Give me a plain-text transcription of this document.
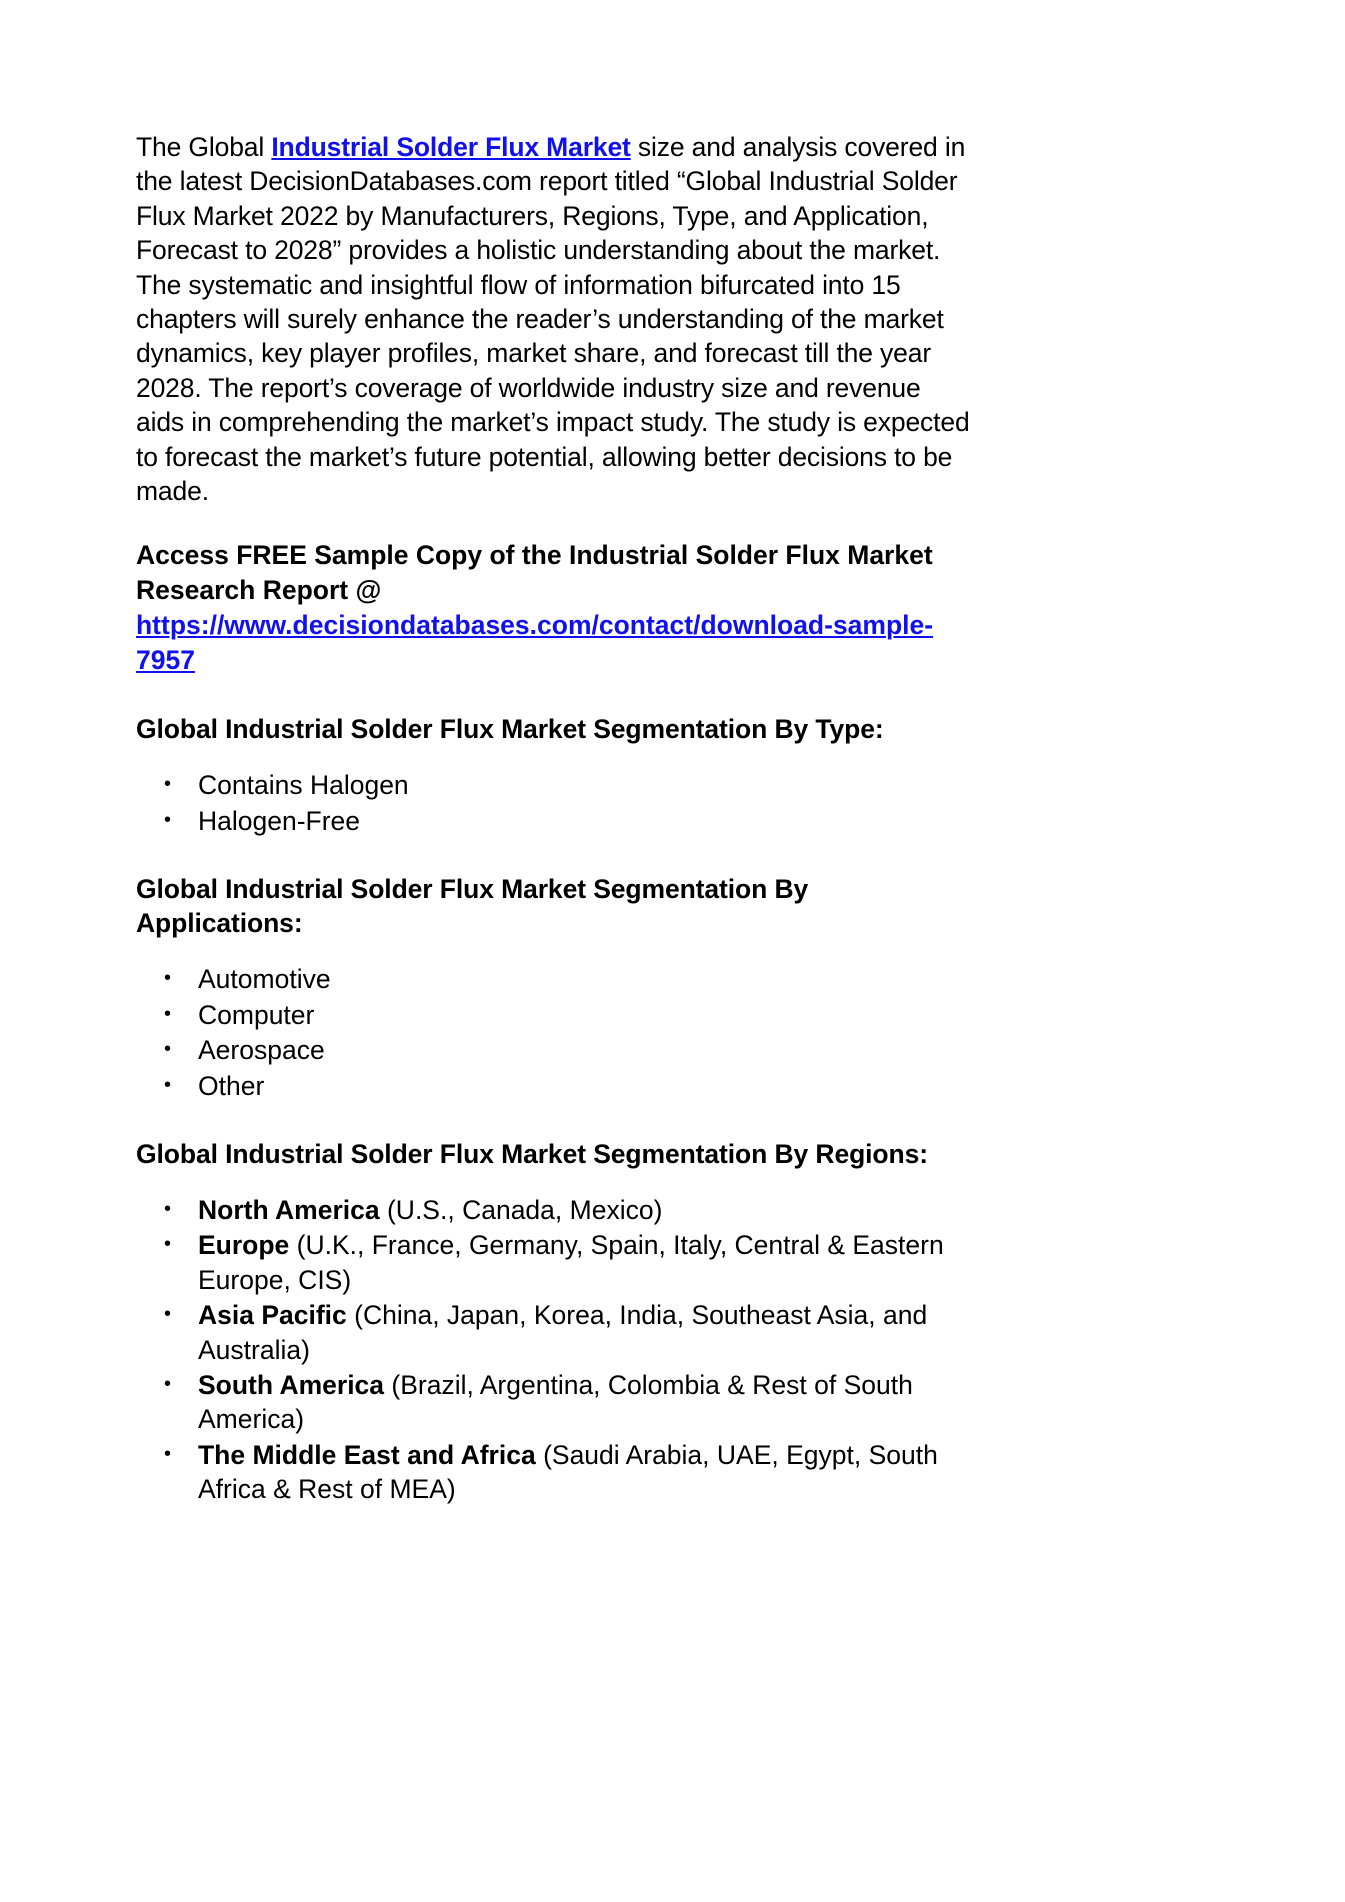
The Global Industrial Solder Flux Market size and analysis covered in the latest DecisionDatabases.com report titled “Global Industrial Solder Flux Market 2022 by Manufacturers, Regions, Type, and Application, Forecast to 2028” provides a holistic understanding about the market. The systematic and insightful flow of information bifurcated into 15 chapters will surely enhance the reader’s understanding of the market dynamics, key player profiles, market share, and forecast till the year 2028. The report’s coverage of worldwide industry size and revenue aids in comprehending the market’s impact study. The study is expected to forecast the market’s future potential, allowing better decisions to be made.

Access FREE Sample Copy of the Industrial Solder Flux Market Research Report @ https://www.decisiondatabases.com/contact/download-sample-7957

Global Industrial Solder Flux Market Segmentation By Type:
• Contains Halogen
• Halogen-Free
Global Industrial Solder Flux Market Segmentation By Applications:
• Automotive
• Computer
• Aerospace
• Other
Global Industrial Solder Flux Market Segmentation By Regions:
• North America (U.S., Canada, Mexico)
• Europe (U.K., France, Germany, Spain, Italy, Central & Eastern Europe, CIS)
• Asia Pacific (China, Japan, Korea, India, Southeast Asia, and Australia)
• South America (Brazil, Argentina, Colombia & Rest of South America)
• The Middle East and Africa (Saudi Arabia, UAE, Egypt, South Africa & Rest of MEA)
